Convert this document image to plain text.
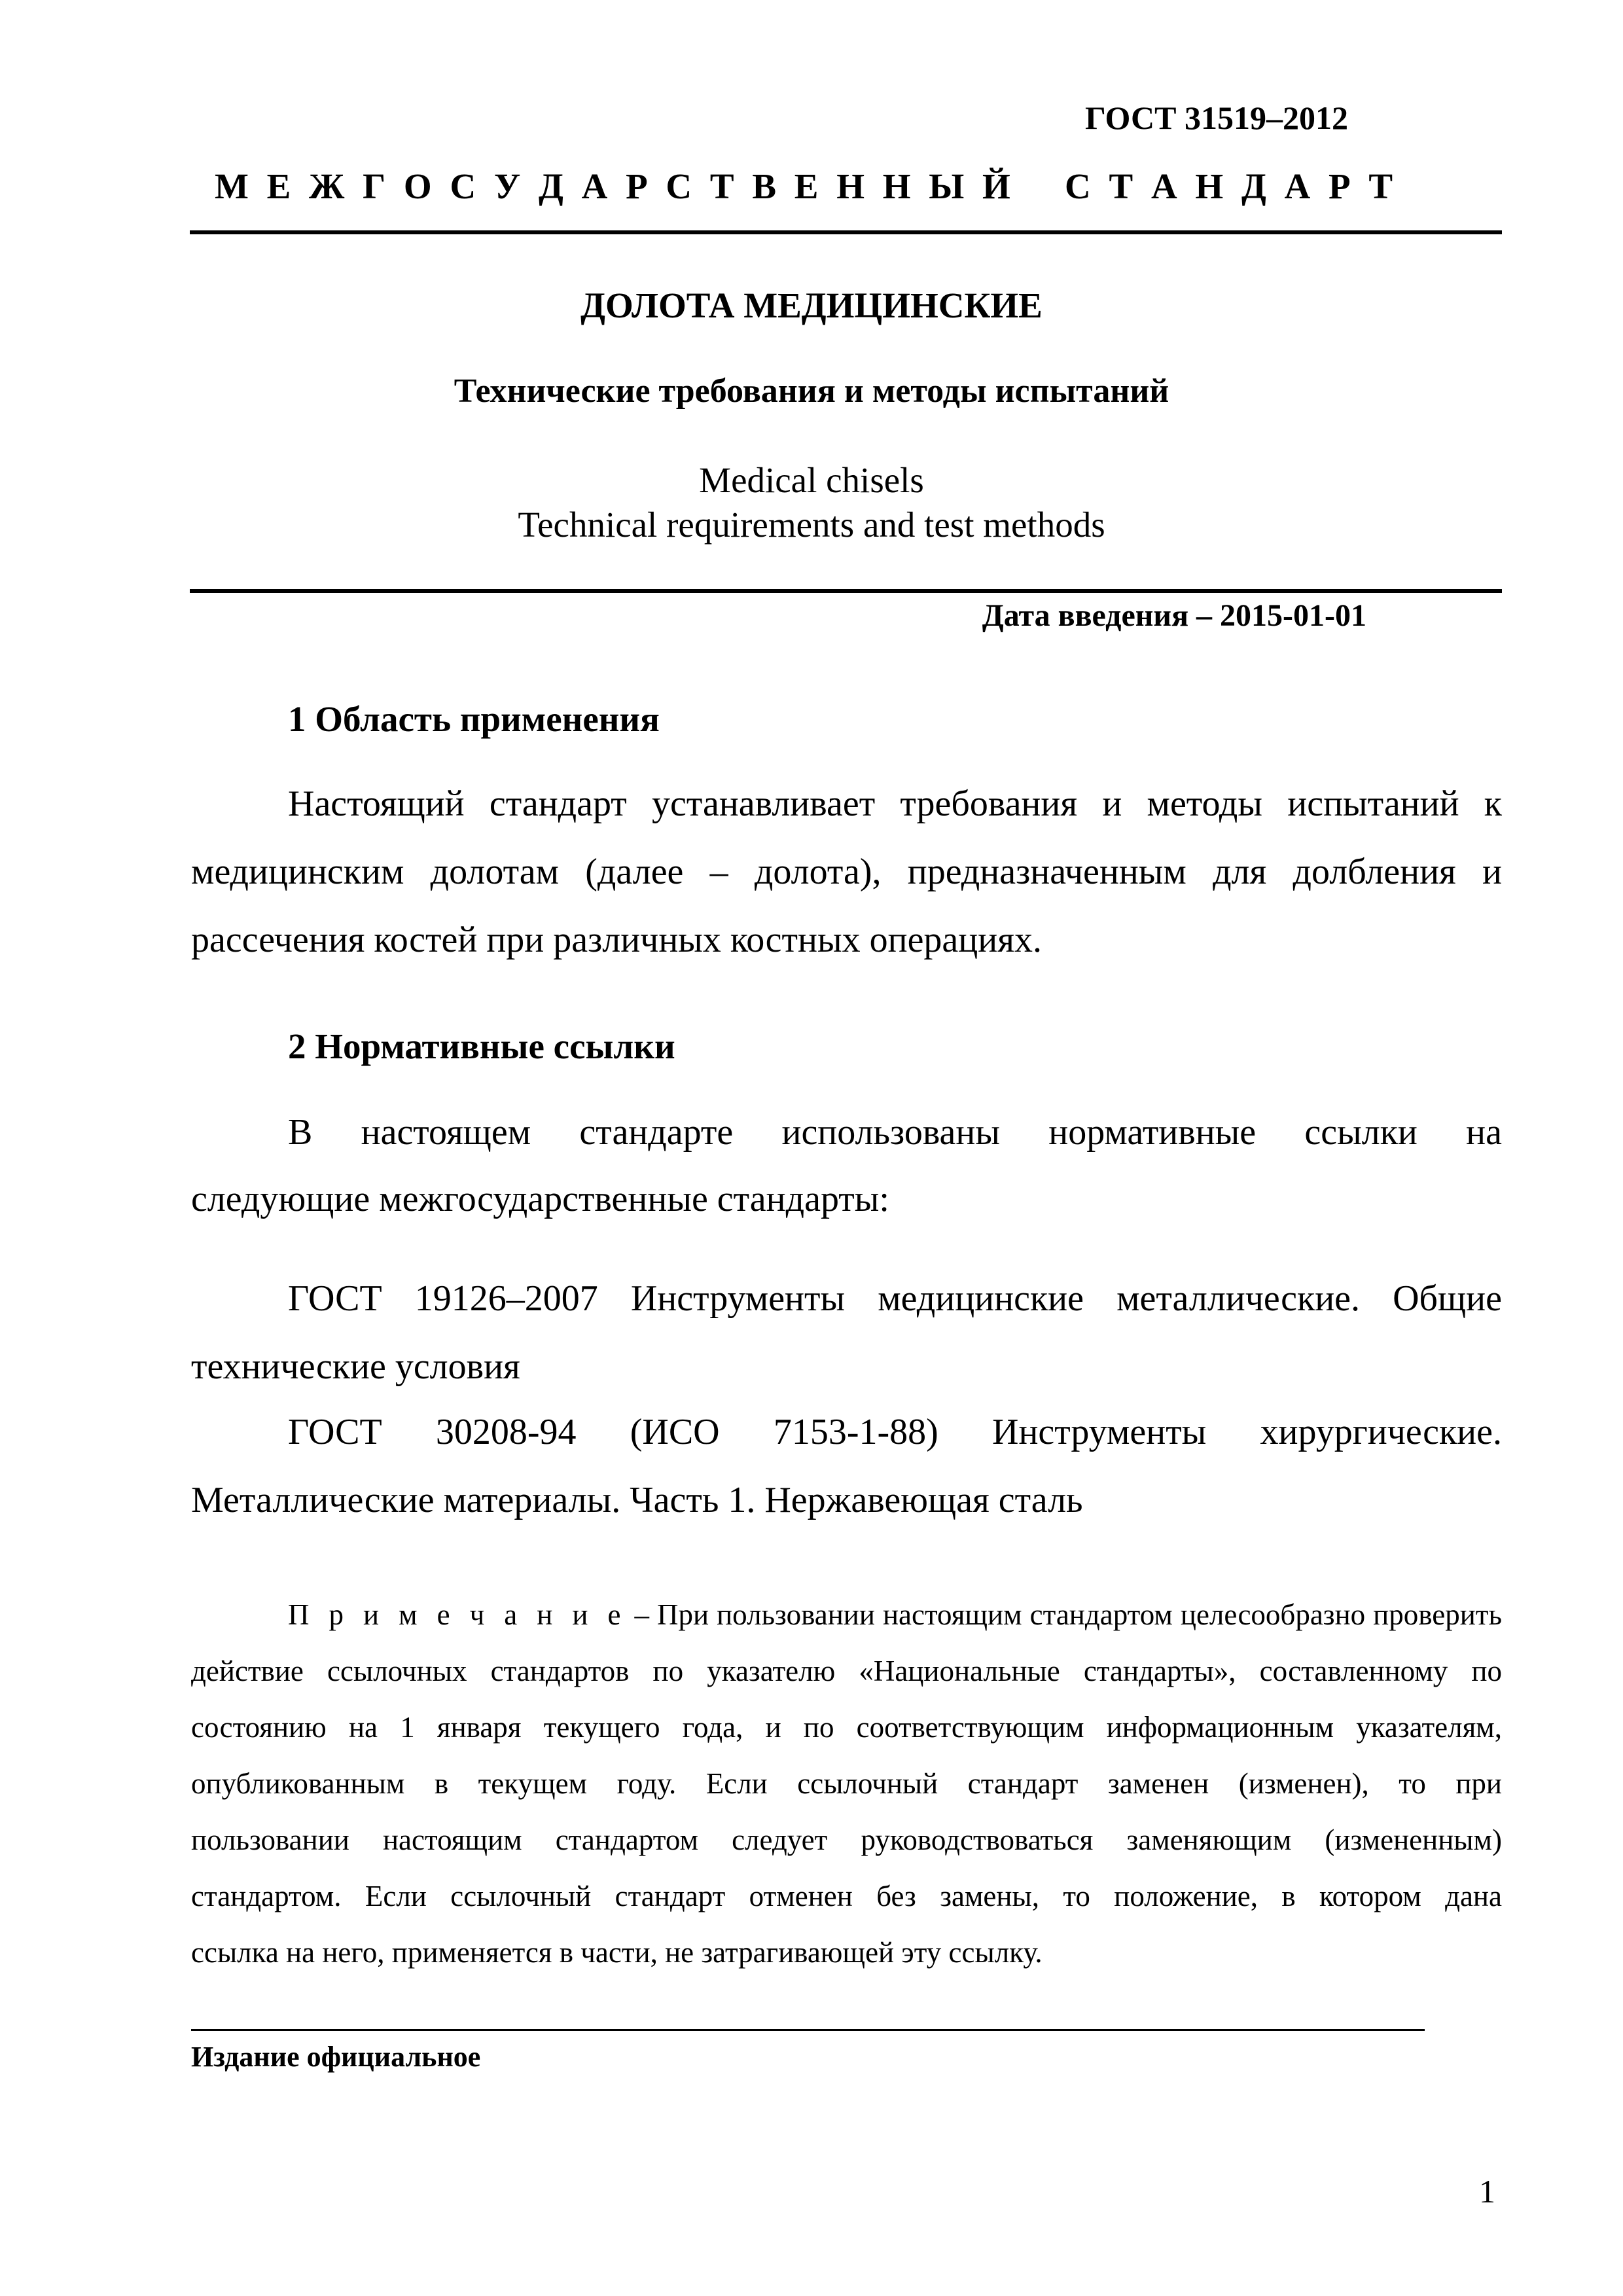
ГОСТ 31519–2012
М Е Ж Г О С У Д А Р С Т В Е Н Н Ы Й   С Т А Н Д А Р Т
ДОЛОТА МЕДИЦИНСКИЕ
Технические требования и методы испытаний
Medical chisels
Technical requirements and test methods
Дата введения – 2015-01-01
1 Область применения
Настоящий стандарт устанавливает требования и методы испытаний к
медицинским долотам (далее – долота), предназначенным для долбления и
рассечения костей при различных костных операциях.
2 Нормативные ссылки
В настоящем стандарте использованы нормативные ссылки на
следующие межгосударственные стандарты:
ГОСТ 19126–2007 Инструменты медицинские металлические. Общие
технические условия
ГОСТ 30208-94 (ИСО 7153-1-88) Инструменты хирургические.
Металлические материалы. Часть 1. Нержавеющая сталь
П р и м е ч а н и е – При пользовании настоящим стандартом целесообразно проверить
действие ссылочных стандартов по указателю «Национальные стандарты», составленному по
состоянию на 1 января текущего года, и по соответствующим информационным указателям,
опубликованным в текущем году. Если ссылочный стандарт заменен (изменен), то при
пользовании настоящим стандартом следует руководствоваться заменяющим (измененным)
стандартом. Если ссылочный стандарт отменен без замены, то положение, в котором дана
ссылка на него, применяется в части, не затрагивающей эту ссылку.
Издание официальное
1
